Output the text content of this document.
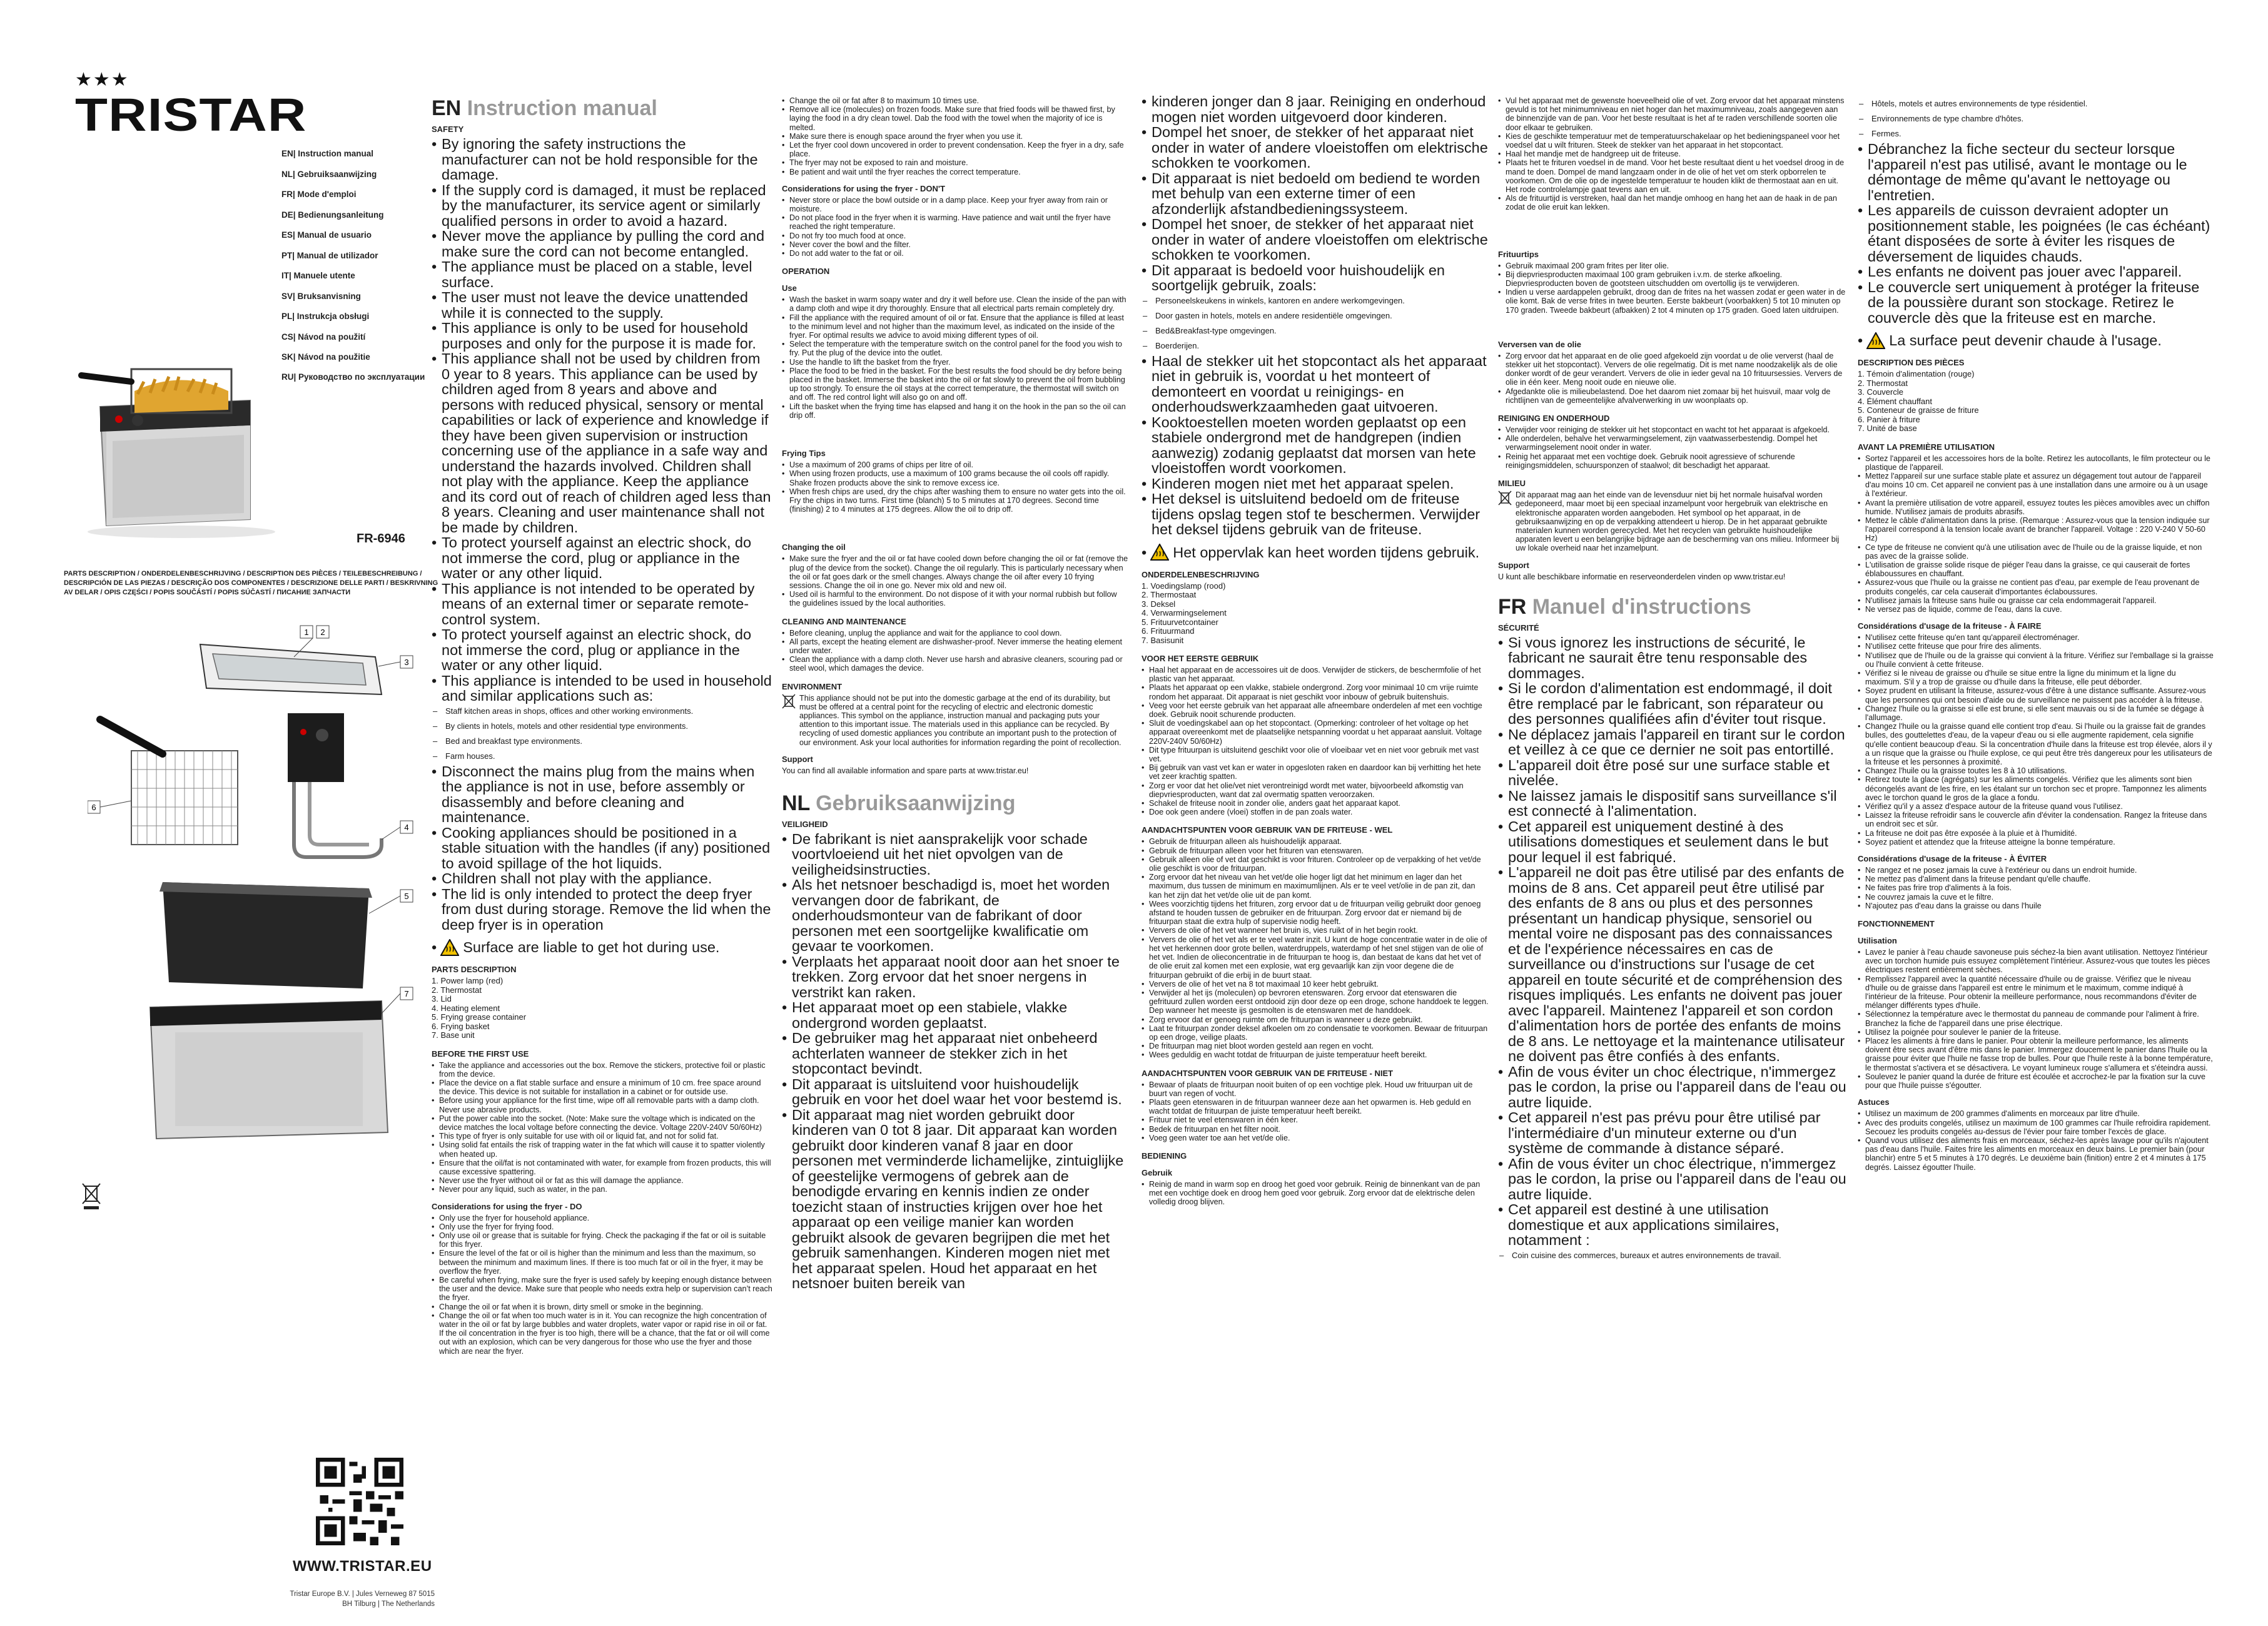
★★★
TRISTAR
EN| Instruction manual
NL| Gebruiksaanwijzing
FR| Mode d'emploi
DE| Bedienungsanleitung
ES| Manual de usuario
PT| Manual de utilizador
IT| Manuele utente
SV| Bruksanvisning
PL| Instrukcja obsługi
CS| Návod na použití
SK| Návod na použitie
RU| Руководство по эксплуатации
FR-6946
PARTS DESCRIPTION / ONDERDELENBESCHRIJVING / DESCRIPTION DES PIÈCES / TEILEBESCHREIBUNG / DESCRIPCIÓN DE LAS PIEZAS / DESCRIÇÃO DOS COMPONENTES / DESCRIZIONE DELLE PARTI / BESKRIVNING AV DELAR / OPIS CZĘŚCI / POPIS SOUČÁSTÍ / POPIS SÚČASTÍ / ПИСАНИЕ ЗАПЧАСТИ
1 2
3
4
5
6
7
WWW.TRISTAR.EU
Tristar Europe B.V. | Jules Verneweg 87 5015 BH Tilburg | The Netherlands
EN Instruction manual
SAFETY
• By ignoring the safety instructions the manufacturer can not be hold responsible for the damage.
• If the supply cord is damaged, it must be replaced by the manufacturer, its service agent or similarly qualified persons in order to avoid a hazard.
• Never move the appliance by pulling the cord and make sure the cord can not become entangled.
• The appliance must be placed on a stable, level surface.
• The user must not leave the device unattended while it is connected to the supply.
• This appliance is only to be used for household purposes and only for the purpose it is made for.
• This appliance shall not be used by children from 0 year to 8 years. This appliance can be used by children aged from 8 years and above and persons with reduced physical, sensory or mental capabilities or lack of experience and knowledge if they have been given supervision or instruction concerning use of the appliance in a safe way and understand the hazards involved. Children shall not play with the appliance. Keep the appliance and its cord out of reach of children aged less than 8 years. Cleaning and user maintenance shall not be made by children.
• To protect yourself against an electric shock, do not immerse the cord, plug or appliance in the water or any other liquid.
• This appliance is not intended to be operated by means of an external timer or separate remote-control system.
• To protect yourself against an electric shock, do not immerse the cord, plug or appliance in the water or any other liquid.
• This appliance is intended to be used in household and similar applications such as:
– Staff kitchen areas in shops, offices and other working environments.
– By clients in hotels, motels and other residential type environments.
– Bed and breakfast type environments.
– Farm houses.
• Disconnect the mains plug from the mains when the appliance is not in use, before assembly or disassembly and before cleaning and maintenance.
• Cooking appliances should be positioned in a stable situation with the handles (if any) positioned to avoid spillage of the hot liquids.
• Children shall not play with the appliance.
• The lid is only intended to protect the deep fryer from dust during storage. Remove the lid when the deep fryer is in operation
• Surface are liable to get hot during use.
PARTS DESCRIPTION
1. Power lamp (red)
2. Thermostat
3. Lid
4. Heating element
5. Frying grease container
6. Frying basket
7. Base unit
BEFORE THE FIRST USE
• Take the appliance and accessories out the box. Remove the stickers, protective foil or plastic from the device.
• Place the device on a flat stable surface and ensure a minimum of 10 cm. free space around the device. This device is not suitable for installation in a cabinet or for outside use.
• Before using your appliance for the first time, wipe off all removable parts with a damp cloth. Never use abrasive products.
• Put the power cable into the socket. (Note: Make sure the voltage which is indicated on the device matches the local voltage before connecting the device. Voltage 220V-240V 50/60Hz)
• This type of fryer is only suitable for use with oil or liquid fat, and not for solid fat.
• Using solid fat entails the risk of trapping water in the fat which will cause it to spatter violently when heated up.
• Ensure that the oil/fat is not contaminated with water, for example from frozen products, this will cause excessive spattering.
• Never use the fryer without oil or fat as this will damage the appliance.
• Never pour any liquid, such as water, in the pan.
Considerations for using the fryer - DO
• Only use the fryer for household appliance.
• Only use the fryer for frying food.
• Only use oil or grease that is suitable for frying. Check the packaging if the fat or oil is suitable for this fryer.
• Ensure the level of the fat or oil is higher than the minimum and less than the maximum, so between the minimum and maximum lines. If there is too much fat or oil in the fryer, it may be overflow the fryer.
• Be careful when frying, make sure the fryer is used safely by keeping enough distance between the user and the device. Make sure that people who needs extra help or supervision can’t reach the fryer.
• Change the oil or fat when it is brown, dirty smell or smoke in the beginning.
• Change the oil or fat when too much water is in it. You can recognize the high concentration of water in the oil or fat by large bubbles and water droplets, water vapor or rapid rise in oil or fat. If the oil concentration in the fryer is too high, there will be a chance, that the fat or oil will come out with an explosion, which can be very dangerous for those who use the fryer and those which are near the fryer.
• Change the oil or fat after 8 to maximum 10 times use.
• Remove all ice (molecules) on frozen foods. Make sure that fried foods will be thawed first, by laying the food in a dry clean towel. Dab the food with the towel when the majority of ice is melted.
• Make sure there is enough space around the fryer when you use it.
• Let the fryer cool down uncovered in order to prevent condensation. Keep the fryer in a dry, safe place.
• The fryer may not be exposed to rain and moisture.
• Be patient and wait until the fryer reaches the correct temperature.
Considerations for using the fryer - DON'T
• Never store or place the bowl outside or in a damp place. Keep your fryer away from rain or moisture.
• Do not place food in the fryer when it is warming. Have patience and wait until the fryer have reached the right temperature.
• Do not fry too much food at once.
• Never cover the bowl and the filter.
• Do not add water to the fat or oil.
OPERATION
Use
• Wash the basket in warm soapy water and dry it well before use. Clean the inside of the pan with a damp cloth and wipe it dry thoroughly. Ensure that all electrical parts remain completely dry.
• Fill the appliance with the required amount of oil or fat. Ensure that the appliance is filled at least to the minimum level and not higher than the maximum level, as indicated on the inside of the fryer. For optimal results we advice to avoid mixing different types of oil.
• Select the temperature with the temperature switch on the control panel for the food you wish to fry. Put the plug of the device into the outlet.
• Use the handle to lift the basket from the fryer.
• Place the food to be fried in the basket. For the best results the food should be dry before being placed in the basket. Immerse the basket into the oil or fat slowly to prevent the oil from bubbling up too strongly. To ensure the oil stays at the correct temperature, the thermostat will switch on and off. The red control light will also go on and off.
• Lift the basket when the frying time has elapsed and hang it on the hook in the pan so the oil can drip off.
Frying Tips
• Use a maximum of 200 grams of chips per litre of oil.
• When using frozen products, use a maximum of 100 grams because the oil cools off rapidly. Shake frozen products above the sink to remove excess ice.
• When fresh chips are used, dry the chips after washing them to ensure no water gets into the oil. Fry the chips in two turns. First time (blanch) 5 to 5 minutes at 170 degrees. Second time (finishing) 2 to 4 minutes at 175 degrees. Allow the oil to drip off.
Changing the oil
• Make sure the fryer and the oil or fat have cooled down before changing the oil or fat (remove the plug of the device from the socket). Change the oil regularly. This is particularly necessary when the oil or fat goes dark or the smell changes. Always change the oil after every 10 frying sessions. Change the oil in one go. Never mix old and new oil.
• Used oil is harmful to the environment. Do not dispose of it with your normal rubbish but follow the guidelines issued by the local authorities.
CLEANING AND MAINTENANCE
• Before cleaning, unplug the appliance and wait for the appliance to cool down.
• All parts, except the heating element are dishwasher-proof. Never immerse the heating element under water.
• Clean the appliance with a damp cloth. Never use harsh and abrasive cleaners, scouring pad or steel wool, which damages the device.
ENVIRONMENT

This appliance should not be put into the domestic garbage at the end of its durability, but must be offered at a central point for the recycling of electric and electronic domestic appliances. This symbol on the appliance, instruction manual and packaging puts your attention to this important issue. The materials used in this appliance can be recycled. By recycling of used domestic appliances you contribute an important push to the protection of our environment. Ask your local authorities for information regarding the point of recollection.

Support

You can find all available information and spare parts at www.tristar.eu!

NL Gebruiksaanwijzing
VEILIGHEID
• De fabrikant is niet aansprakelijk voor schade voortvloeiend uit het niet opvolgen van de veiligheidsinstructies.
• Als het netsnoer beschadigd is, moet het worden vervangen door de fabrikant, de onderhoudsmonteur van de fabrikant of door personen met een soortgelijke kwalificatie om gevaar te voorkomen.
• Verplaats het apparaat nooit door aan het snoer te trekken. Zorg ervoor dat het snoer nergens in verstrikt kan raken.
• Het apparaat moet op een stabiele, vlakke ondergrond worden geplaatst.
• De gebruiker mag het apparaat niet onbeheerd achterlaten wanneer de stekker zich in het stopcontact bevindt.
• Dit apparaat is uitsluitend voor huishoudelijk gebruik en voor het doel waar het voor bestemd is.
• Dit apparaat mag niet worden gebruikt door kinderen van 0 tot 8 jaar. Dit apparaat kan worden gebruikt door kinderen vanaf 8 jaar en door personen met verminderde lichamelijke, zintuiglijke of geestelijke vermogens of gebrek aan de benodigde ervaring en kennis indien ze onder toezicht staan of instructies krijgen over hoe het apparaat op een veilige manier kan worden gebruikt alsook de gevaren begrijpen die met het gebruik samenhangen. Kinderen mogen niet met het apparaat spelen. Houd het apparaat en het netsnoer buiten bereik van
• kinderen jonger dan 8 jaar. Reiniging en onderhoud mogen niet worden uitgevoerd door kinderen.
• Dompel het snoer, de stekker of het apparaat niet onder in water of andere vloeistoffen om elektrische schokken te voorkomen.
• Dit apparaat is niet bedoeld om bediend te worden met behulp van een externe timer of een afzonderlijk afstandbedieningssysteem.
• Dompel het snoer, de stekker of het apparaat niet onder in water of andere vloeistoffen om elektrische schokken te voorkomen.
• Dit apparaat is bedoeld voor huishoudelijk en soortgelijk gebruik, zoals:
– Personeelskeukens in winkels, kantoren en andere werkomgevingen.
– Door gasten in hotels, motels en andere residentiële omgevingen.
– Bed&Breakfast-type omgevingen.
– Boerderijen.
• Haal de stekker uit het stopcontact als het apparaat niet in gebruik is, voordat u het monteert of demonteert en voordat u reinigings- en onderhoudswerkzaamheden gaat uitvoeren.
• Kooktoestellen moeten worden geplaatst op een stabiele ondergrond met de handgrepen (indien aanwezig) zodanig geplaatst dat morsen van hete vloeistoffen wordt voorkomen.
• Kinderen mogen niet met het apparaat spelen.
• Het deksel is uitsluitend bedoeld om de friteuse tijdens opslag tegen stof te beschermen. Verwijder het deksel tijdens gebruik van de friteuse.
• Het oppervlak kan heet worden tijdens gebruik.
ONDERDELENBESCHRIJVING
1. Voedingslamp (rood)
2. Thermostaat
3. Deksel
4. Verwarmingselement
5. Frituurvetcontainer
6. Frituurmand
7. Basisunit
VOOR HET EERSTE GEBRUIK
• Haal het apparaat en de accessoires uit de doos. Verwijder de stickers, de beschermfolie of het plastic van het apparaat.
• Plaats het apparaat op een vlakke, stabiele ondergrond. Zorg voor minimaal 10 cm vrije ruimte rondom het apparaat. Dit apparaat is niet geschikt voor inbouw of gebruik buitenshuis.
• Veeg voor het eerste gebruik van het apparaat alle afneembare onderdelen af met een vochtige doek. Gebruik nooit schurende producten.
• Sluit de voedingskabel aan op het stopcontact. (Opmerking: controleer of het voltage op het apparaat overeenkomt met de plaatselijke netspanning voordat u het apparaat aansluit. Voltage 220V-240V 50/60Hz)
• Dit type frituurpan is uitsluitend geschikt voor olie of vloeibaar vet en niet voor gebruik met vast vet.
• Bij gebruik van vast vet kan er water in opgesloten raken en daardoor kan bij verhitting het hete vet zeer krachtig spatten.
• Zorg er voor dat het olie/vet niet verontreinigd wordt met water, bijvoorbeeld afkomstig van diepvriesproducten, want dat zal overmatig spatten veroorzaken.
• Schakel de friteuse nooit in zonder olie, anders gaat het apparaat kapot.
• Doe ook geen andere (vloei) stoffen in de pan zoals water.
AANDACHTSPUNTEN VOOR GEBRUIK VAN DE FRITEUSE - WEL
• Gebruik de frituurpan alleen als huishoudelijk apparaat.
• Gebruik de frituurpan alleen voor het frituren van etenswaren.
• Gebruik alleen olie of vet dat geschikt is voor frituren. Controleer op de verpakking of het vet/de olie geschikt is voor de frituurpan.
• Zorg ervoor dat het niveau van het vet/de olie hoger ligt dat het minimum en lager dan het maximum, dus tussen de minimum en maximumlijnen. Als er te veel vet/olie in de pan zit, dan kan het zijn dat het vet/de olie uit de pan komt.
• Wees voorzichtig tijdens het frituren, zorg ervoor dat u de frituurpan veilig gebruikt door genoeg afstand te houden tussen de gebruiker en de frituurpan. Zorg ervoor dat er niemand bij de frituurpan staat die extra hulp of supervisie nodig heeft.
• Ververs de olie of het vet wanneer het bruin is, vies ruikt of in het begin rookt.
• Ververs de olie of het vet als er te veel water inzit. U kunt de hoge concentratie water in de olie of het vet herkennen door grote bellen, waterdruppels, waterdamp of het snel stijgen van de olie of het vet. Indien de olieconcentratie in de frituurpan te hoog is, dan bestaat de kans dat het vet of de olie eruit zal komen met een explosie, wat erg gevaarlijk kan zijn voor degene die de frituurpan gebruikt of die erbij in de buurt staat.
• Ververs de olie of het vet na 8 tot maximaal 10 keer hebt gebruikt.
• Verwijder al het ijs (moleculen) op bevroren etenswaren. Zorg ervoor dat etenswaren die gefrituurd zullen worden eerst ontdooid zijn door deze op een droge, schone handdoek te leggen. Dep wanneer het meeste ijs gesmolten is de etenswaren met de handdoek.
• Zorg ervoor dat er genoeg ruimte om de frituurpan is wanneer u deze gebruikt.
• Laat te frituurpan zonder deksel afkoelen om zo condensatie te voorkomen. Bewaar de frituurpan op een droge, veilige plaats.
• De frituurpan mag niet bloot worden gesteld aan regen en vocht.
• Wees geduldig en wacht totdat de frituurpan de juiste temperatuur heeft bereikt.
AANDACHTSPUNTEN VOOR GEBRUIK VAN DE FRITEUSE - NIET
• Bewaar of plaats de frituurpan nooit buiten of op een vochtige plek. Houd uw frituurpan uit de buurt van regen of vocht.
• Plaats geen etenswaren in de frituurpan wanneer deze aan het opwarmen is. Heb geduld en wacht totdat de frituurpan de juiste temperatuur heeft bereikt.
• Frituur niet te veel etenswaren in één keer.
• Bedek de frituurpan en het filter nooit.
• Voeg geen water toe aan het vet/de olie.
BEDIENING
Gebruik
• Reinig de mand in warm sop en droog het goed voor gebruik. Reinig de binnenkant van de pan met een vochtige doek en droog hem goed voor gebruik. Zorg ervoor dat de elektrische delen volledig droog blijven.
• Vul het apparaat met de gewenste hoeveelheid olie of vet. Zorg ervoor dat het apparaat minstens gevuld is tot het minimumniveau en niet hoger dan het maximumniveau, zoals aangegeven aan de binnenzijde van de pan. Voor het beste resultaat is het af te raden verschillende soorten olie door elkaar te gebruiken.
• Kies de geschikte temperatuur met de temperatuurschakelaar op het bedieningspaneel voor het voedsel dat u wilt frituren. Steek de stekker van het apparaat in het stopcontact.
• Haal het mandje met de handgreep uit de friteuse.
• Plaats het te frituren voedsel in de mand. Voor het beste resultaat dient u het voedsel droog in de mand te doen. Dompel de mand langzaam onder in de olie of het vet om sterk opborrelen te voorkomen. Om de olie op de ingestelde temperatuur te houden klikt de thermostaat aan en uit. Het rode controlelampje gaat tevens aan en uit.
• Als de frituurtijd is verstreken, haal dan het mandje omhoog en hang het aan de haak in de pan zodat de olie eruit kan lekken.
Frituurtips
• Gebruik maximaal 200 gram frites per liter olie.
• Bij diepvriesproducten maximaal 100 gram gebruiken i.v.m. de sterke afkoeling. Diepvriesproducten boven de gootsteen uitschudden om overtollig ijs te verwijderen.
• Indien u verse aardappelen gebruikt, droog dan de frites na het wassen zodat er geen water in de olie komt. Bak de verse frites in twee beurten. Eerste bakbeurt (voorbakken) 5 tot 10 minuten op 170 graden. Tweede bakbeurt (afbakken) 2 tot 4 minuten op 175 graden. Goed laten uitdruipen.
Verversen van de olie
• Zorg ervoor dat het apparaat en de olie goed afgekoeld zijn voordat u de olie ververst (haal de stekker uit het stopcontact). Ververs de olie regelmatig. Dit is met name noodzakelijk als de olie donker wordt of de geur verandert. Ververs de olie in ieder geval na 10 frituursessies. Ververs de olie in één keer. Meng nooit oude en nieuwe olie.
• Afgedankte olie is milieubelastend. Doe het daarom niet zomaar bij het huisvuil, maar volg de richtlijnen van de gemeentelijke afvalverwerking in uw woonplaats op.
REINIGING EN ONDERHOUD
• Verwijder voor reiniging de stekker uit het stopcontact en wacht tot het apparaat is afgekoeld.
• Alle onderdelen, behalve het verwarmingselement, zijn vaatwasserbestendig. Dompel het verwarmingselement nooit onder in water.
• Reinig het apparaat met een vochtige doek. Gebruik nooit agressieve of schurende reinigingsmiddelen, schuursponzen of staalwol; dit beschadigt het apparaat.
MILIEU

Dit apparaat mag aan het einde van de levensduur niet bij het normale huisafval worden gedeponeerd, maar moet bij een speciaal inzamelpunt voor hergebruik van elektrische en elektronische apparaten worden aangeboden. Het symbool op het apparaat, in de gebruiksaanwijzing en op de verpakking attendeert u hierop. De in het apparaat gebruikte materialen kunnen worden gerecycled. Met het recyclen van gebruikte huishoudelijke apparaten levert u een belangrijke bijdrage aan de bescherming van ons milieu. Informeer bij uw lokale overheid naar het inzamelpunt.

Support

U kunt alle beschikbare informatie en reserveonderdelen vinden op www.tristar.eu!

FR Manuel d'instructions
SÉCURITÉ
• Si vous ignorez les instructions de sécurité, le fabricant ne saurait être tenu responsable des dommages.
• Si le cordon d'alimentation est endommagé, il doit être remplacé par le fabricant, son réparateur ou des personnes qualifiées afin d'éviter tout risque.
• Ne déplacez jamais l'appareil en tirant sur le cordon et veillez à ce que ce dernier ne soit pas entortillé.
• L'appareil doit être posé sur une surface stable et nivelée.
• Ne laissez jamais le dispositif sans surveillance s'il est connecté à l'alimentation.
• Cet appareil est uniquement destiné à des utilisations domestiques et seulement dans le but pour lequel il est fabriqué.
• L'appareil ne doit pas être utilisé par des enfants de moins de 8 ans. Cet appareil peut être utilisé par des enfants de 8 ans ou plus et des personnes présentant un handicap physique, sensoriel ou mental voire ne disposant pas des connaissances et de l'expérience nécessaires en cas de surveillance ou d'instructions sur l'usage de cet appareil en toute sécurité et de compréhension des risques impliqués. Les enfants ne doivent pas jouer avec l'appareil. Maintenez l'appareil et son cordon d'alimentation hors de portée des enfants de moins de 8 ans. Le nettoyage et la maintenance utilisateur ne doivent pas être confiés à des enfants.
• Afin de vous éviter un choc électrique, n'immergez pas le cordon, la prise ou l'appareil dans de l'eau ou autre liquide.
• Cet appareil n'est pas prévu pour être utilisé par l'intermédiaire d'un minuteur externe ou d'un système de commande à distance séparé.
• Afin de vous éviter un choc électrique, n'immergez pas le cordon, la prise ou l'appareil dans de l'eau ou autre liquide.
• Cet appareil est destiné à une utilisation domestique et aux applications similaires, notamment :
– Coin cuisine des commerces, bureaux et autres environnements de travail.
– Hôtels, motels et autres environnements de type résidentiel.
– Environnements de type chambre d'hôtes.
– Fermes.
• Débranchez la fiche secteur du secteur lorsque l'appareil n'est pas utilisé, avant le montage ou le démontage de même qu'avant le nettoyage ou l'entretien.
• Les appareils de cuisson devraient adopter un positionnement stable, les poignées (le cas échéant) étant disposées de sorte à éviter les risques de déversement de liquides chauds.
• Les enfants ne doivent pas jouer avec l'appareil.
• Le couvercle sert uniquement à protéger la friteuse de la poussière durant son stockage. Retirez le couvercle dès que la friteuse est en marche.
• La surface peut devenir chaude à l'usage.
DESCRIPTION DES PIÈCES
1. Témoin d'alimentation (rouge)
2. Thermostat
3. Couvercle
4. Élément chauffant
5. Conteneur de graisse de friture
6. Panier à friture
7. Unité de base
AVANT LA PREMIÈRE UTILISATION
• Sortez l'appareil et les accessoires hors de la boîte. Retirez les autocollants, le film protecteur ou le plastique de l'appareil.
• Mettez l'appareil sur une surface stable plate et assurez un dégagement tout autour de l'appareil d'au moins 10 cm. Cet appareil ne convient pas à une installation dans une armoire ou à un usage à l'extérieur.
• Avant la première utilisation de votre appareil, essuyez toutes les pièces amovibles avec un chiffon humide. N'utilisez jamais de produits abrasifs.
• Mettez le câble d'alimentation dans la prise. (Remarque : Assurez-vous que la tension indiquée sur l'appareil correspond à la tension locale avant de brancher l'appareil. Voltage : 220 V-240 V 50-60 Hz)
• Ce type de friteuse ne convient qu'à une utilisation avec de l'huile ou de la graisse liquide, et non pas avec de la graisse solide.
• L'utilisation de graisse solide risque de piéger l'eau dans la graisse, ce qui causerait de fortes éblaboussures en chauffant.
• Assurez-vous que l'huile ou la graisse ne contient pas d'eau, par exemple de l'eau provenant de produits congelés, car cela causerait d'importantes éclaboussures.
• N'utilisez jamais la friteuse sans huile ou graisse car cela endommagerait l'appareil.
• Ne versez pas de liquide, comme de l'eau, dans la cuve.
Considérations d'usage de la friteuse - À FAIRE
• N'utilisez cette friteuse qu'en tant qu'appareil électroménager.
• N'utilisez cette friteuse que pour frire des aliments.
• N'utilisez que de l'huile ou de la graisse qui convient à la friture. Vérifiez sur l'emballage si la graisse ou l'huile convient à cette friteuse.
• Vérifiez si le niveau de graisse ou d'huile se situe entre la ligne du minimum et la ligne du maximum. S'il y a trop de graisse ou d'huile dans la friteuse, elle peut déborder.
• Soyez prudent en utilisant la friteuse, assurez-vous d'être à une distance suffisante. Assurez-vous que les personnes qui ont besoin d'aide ou de surveillance ne puissent pas accéder à la friteuse.
• Changez l'huile ou la graisse si elle est brune, si elle sent mauvais ou si de la fumée se dégage à l'allumage.
• Changez l'huile ou la graisse quand elle contient trop d'eau. Si l'huile ou la graisse fait de grandes bulles, des gouttelettes d'eau, de la vapeur d'eau ou si elle augmente rapidement, cela signifie qu'elle contient beaucoup d'eau. Si la concentration d'huile dans la friteuse est trop élevée, alors il y a un risque que la graisse ou l'huile explose, ce qui peut être très dangereux pour les utilisateurs de la friteuse et les personnes à proximité.
• Changez l'huile ou la graisse toutes les 8 à 10 utilisations.
• Retirez toute la glace (agrégats) sur les aliments congelés. Vérifiez que les aliments sont bien décongelés avant de les frire, en les étalant sur un torchon sec et propre. Tamponnez les aliments avec le torchon quand le gros de la glace a fondu.
• Vérifiez qu'il y a assez d'espace autour de la friteuse quand vous l'utilisez.
• Laissez la friteuse refroidir sans le couvercle afin d'éviter la condensation. Rangez la friteuse dans un endroit sec et sûr.
• La friteuse ne doit pas être exposée à la pluie et à l'humidité.
• Soyez patient et attendez que la friteuse atteigne la bonne température.
Considérations d'usage de la friteuse - À ÉVITER
• Ne rangez et ne posez jamais la cuve à l'extérieur ou dans un endroit humide.
• Ne mettez pas d'aliment dans la friteuse pendant qu'elle chauffe.
• Ne faites pas frire trop d'aliments à la fois.
• Ne couvrez jamais la cuve et le filtre.
• N'ajoutez pas d'eau dans la graisse ou dans l'huile
FONCTIONNEMENT
Utilisation
• Lavez le panier à l'eau chaude savoneuse puis séchez-la bien avant utilisation. Nettoyez l'intérieur avec un torchon humide puis essuyez complètement l'intérieur. Assurez-vous que toutes les pièces électriques restent entièrement sèches.
• Remplissez l'appareil avec la quantité nécessaire d'huile ou de graisse. Vérifiez que le niveau d'huile ou de graisse dans l'appareil est entre le minimum et le maximum, comme indiqué à l'intérieur de la friteuse. Pour obtenir la meilleure performance, nous recommandons d'éviter de mélanger différents types d'huile.
• Sélectionnez la température avec le thermostat du panneau de commande pour l'aliment à frire. Branchez la fiche de l'appareil dans une prise électrique.
• Utilisez la poignée pour soulever le panier de la friteuse.
• Placez les aliments à frire dans le panier. Pour obtenir la meilleure performance, les aliments doivent être secs avant d'être mis dans le panier. Immergez doucement le panier dans l'huile ou la graisse pour éviter que l'huile ne fasse trop de bulles. Pour que l'huile reste à la bonne température, le thermostat s'activera et se désactivera. Le voyant lumineux rouge s'allumera et s'éteindra aussi.
• Soulevez le panier quand la durée de friture est écoulée et accrochez-le par la fixation sur la cuve pour que l'huile puisse s'égoutter.
Astuces
• Utilisez un maximum de 200 grammes d'aliments en morceaux par litre d'huile.
• Avec des produits congelés, utilisez un maximum de 100 grammes car l'huile refroidira rapidement. Secouez les produits congelés au-dessus de l'évier pour faire tomber l'excès de glace.
• Quand vous utilisez des aliments frais en morceaux, séchez-les après lavage pour qu'ils n'ajoutent pas d'eau dans l'huile. Faites frire les aliments en morceaux en deux bains. Le premier bain (pour blanchir) entre 5 et 5 minutes à 170 degrés. Le deuxième bain (finition) entre 2 et 4 minutes à 175 degrés. Laissez égoutter l'huile.
